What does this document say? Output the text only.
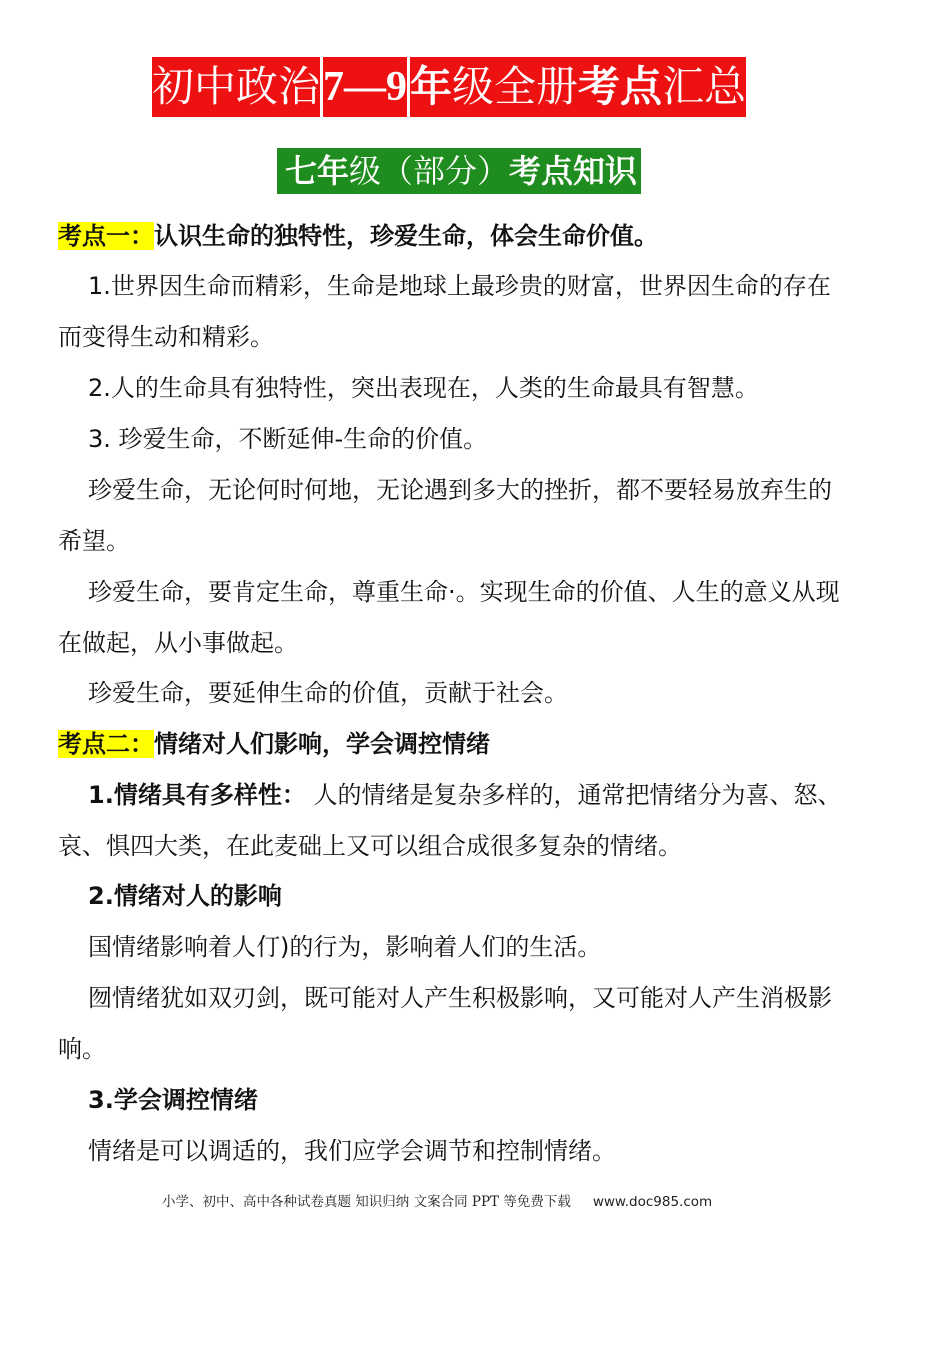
初中政治 7—9 年 级全册 考点 汇总
七年级（部分）考点知识
考点一：认识生命的独特性，珍爱生命，体会生命价值。
1.世界因生命而精彩，生命是地球上最珍贵的财富，世界因生命的存在
而变得生动和精彩。
2.人的生命具有独特性，突出表现在，人类的生命最具有智慧。
3. 珍爱生命，不断延伸-生命的价值。
珍爱生命，无论何时何地，无论遇到多大的挫折，都不要轻易放弃生的
希望。
珍爱生命，要肯定生命，尊重生命·。实现生命的价值、人生的意义从现
在做起，从小事做起。
珍爱生命，要延伸生命的价值，贡献于社会。
考点二：情绪对人们影响，学会调控情绪
1.情绪具有多样性： 人的情绪是复杂多样的，通常把情绪分为喜、怒、
哀、惧四大类，在此麦础上又可以组合成很多复杂的情绪。
2.情绪对人的影响
国情绪影响着人仃)的行为，影响着人们的生活。
囫情绪犹如双刃剑，既可能对人产生积极影响，又可能对人产生消极影
响。
3.学会调控情绪
情绪是可以调适的，我们应学会调节和控制情绪。
小学、初中、高中各种试卷真题 知识归纳 文案合同 PPT 等免费下载 www.doc985.com
